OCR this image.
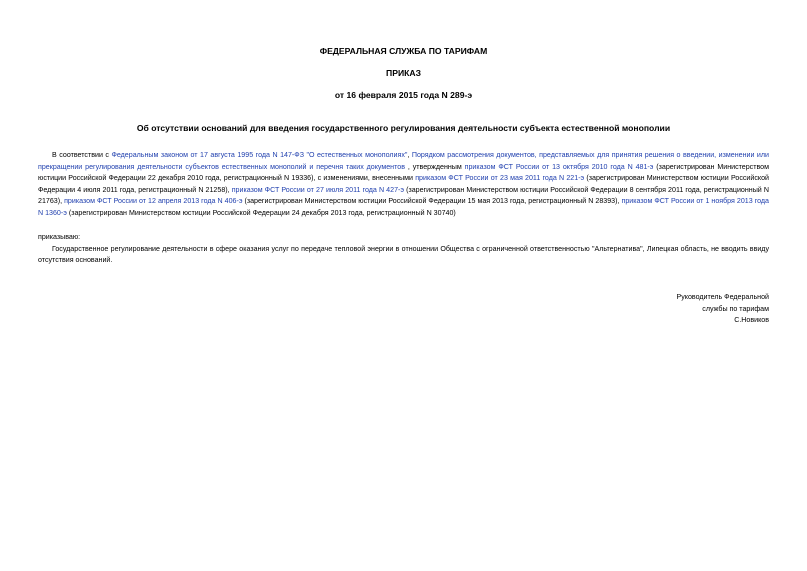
ФЕДЕРАЛЬНАЯ СЛУЖБА ПО ТАРИФАМ
ПРИКАЗ
от 16 февраля 2015 года N 289-э
Об отсутствии оснований для введения государственного регулирования деятельности субъекта естественной монополии

В соответствии с Федеральным законом от 17 августа 1995 года N 147-ФЗ "О естественных монополиях", Порядком рассмотрения документов, представляемых для принятия решения о введении, изменении или прекращении регулирования деятельности субъектов естественных монополий и перечня таких документов , утвержденным приказом ФСТ России от 13 октября 2010 года N 481-э (зарегистрирован Министерством юстиции Российской Федерации 22 декабря 2010 года, регистрационный N 19336), с изменениями, внесенными приказом ФСТ России от 23 мая 2011 года N 221-э (зарегистрирован Министерством юстиции Российской Федерации 4 июля 2011 года, регистрационный N 21258), приказом ФСТ России от 27 июля 2011 года N 427-э (зарегистрирован Министерством юстиции Российской Федерации 8 сентября 2011 года, регистрационный N 21763), приказом ФСТ России от 12 апреля 2013 года N 406-э (зарегистрирован Министерством юстиции Российской Федерации 15 мая 2013 года, регистрационный N 28393), приказом ФСТ России от 1 ноября 2013 года N 1360-э (зарегистрирован Министерством юстиции Российской Федерации 24 декабря 2013 года, регистрационный N 30740)

приказываю:

Государственное регулирование деятельности в сфере оказания услуг по передаче тепловой энергии в отношении Общества с ограниченной ответственностью "Альтернатива", Липецкая область, не вводить ввиду отсутствия оснований.

Руководитель Федеральной
службы по тарифам
С.Новиков
